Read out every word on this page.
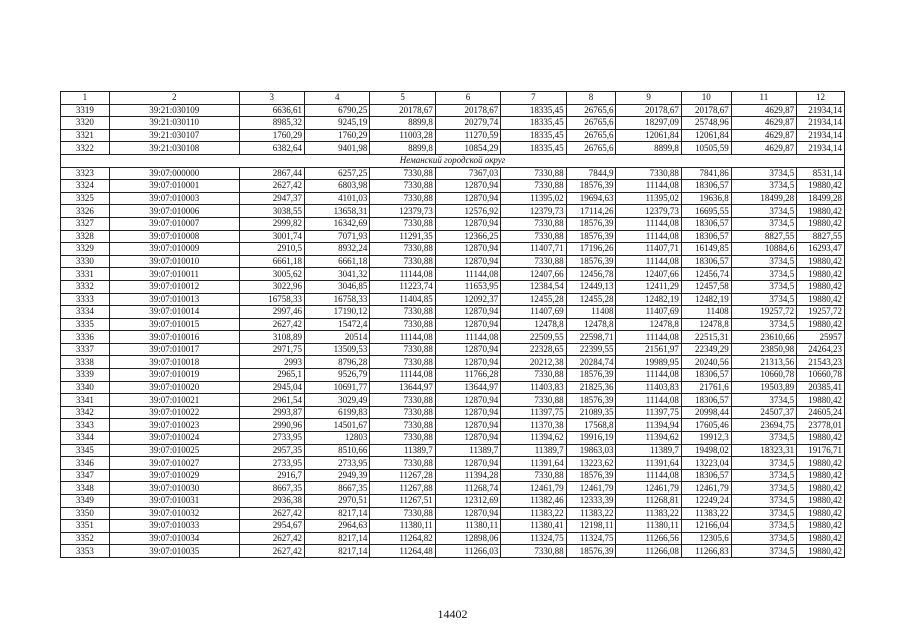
1	2	3	4	5	6	7	8	9	10	11	12
3319	39:21:030109	6636,61	6790,25	20178,67	20178,67	18335,45	26765,6	20178,67	20178,67	4629,87	21934,14
3320	39:21:030110	8985,32	9245,19	8899,8	20279,74	18335,45	26765,6	18297,09	25748,96	4629,87	21934,14
3321	39:21:030107	1760,29	1760,29	11003,28	11270,59	18335,45	26765,6	12061,84	12061,84	4629,87	21934,14
3322	39:21:030108	6382,64	9401,98	8899,8	10854,29	18335,45	26765,6	8899,8	10505,59	4629,87	21934,14
Неманский городской округ											
3323	39:07:000000	2867,44	6257,25	7330,88	7367,03	7330,88	7844,9	7330,88	7841,86	3734,5	8531,14
3324	39:07:010001	2627,42	6803,98	7330,88	12870,94	7330,88	18576,39	11144,08	18306,57	3734,5	19880,42
3325	39:07:010003	2947,37	4101,03	7330,88	12870,94	11395,02	19694,63	11395,02	19636,8	18499,28	18499,28
3326	39:07:010006	3038,55	13658,31	12379,73	12576,92	12379,73	17114,26	12379,73	16695,55	3734,5	19880,42
3327	39:07:010007	2999,82	16342,69	7330,88	12870,94	7330,88	18576,39	11144,08	18306,57	3734,5	19880,42
3328	39:07:010008	3001,74	7071,93	11291,35	12366,25	7330,88	18576,39	11144,08	18306,57	8827,55	8827,55
3329	39:07:010009	2910,5	8932,24	7330,88	12870,94	11407,71	17196,26	11407,71	16149,85	10884,6	16293,47
3330	39:07:010010	6661,18	6661,18	7330,88	12870,94	7330,88	18576,39	11144,08	18306,57	3734,5	19880,42
3331	39:07:010011	3005,62	3041,32	11144,08	11144,08	12407,66	12456,78	12407,66	12456,74	3734,5	19880,42
3332	39:07:010012	3022,96	3046,85	11223,74	11653,95	12384,54	12449,13	12411,29	12457,58	3734,5	19880,42
3333	39:07:010013	16758,33	16758,33	11404,85	12092,37	12455,28	12455,28	12482,19	12482,19	3734,5	19880,42
3334	39:07:010014	2997,46	17190,12	7330,88	12870,94	11407,69	11408	11407,69	11408	19257,72	19257,72
3335	39:07:010015	2627,42	15472,4	7330,88	12870,94	12478,8	12478,8	12478,8	12478,8	3734,5	19880,42
3336	39:07:010016	3108,89	20514	11144,08	11144,08	22509,55	22598,71	11144,08	22515,31	23610,66	25957
3337	39:07:010017	2971,75	13509,53	7330,88	12870,94	22328,65	22399,55	21561,97	22349,29	23850,98	24264,23
3338	39:07:010018	2993	8796,28	7330,88	12870,94	20212,38	20284,74	19989,95	20240,56	21313,56	21543,23
3339	39:07:010019	2965,1	9526,79	11144,08	11766,28	7330,88	18576,39	11144,08	18306,57	10660,78	10660,78
3340	39:07:010020	2945,04	10691,77	13644,97	13644,97	11403,83	21825,36	11403,83	21761,6	19503,89	20385,41
3341	39:07:010021	2961,54	3029,49	7330,88	12870,94	7330,88	18576,39	11144,08	18306,57	3734,5	19880,42
3342	39:07:010022	2993,87	6199,83	7330,88	12870,94	11397,75	21089,35	11397,75	20998,44	24507,37	24605,24
3343	39:07:010023	2990,96	14501,67	7330,88	12870,94	11370,38	17568,8	11394,94	17605,46	23694,75	23778,01
3344	39:07:010024	2733,95	12803	7330,88	12870,94	11394,62	19916,19	11394,62	19912,3	3734,5	19880,42
3345	39:07:010025	2957,35	8510,66	11389,7	11389,7	11389,7	19863,03	11389,7	19498,02	18323,31	19176,71
3346	39:07:010027	2733,95	2733,95	7330,88	12870,94	11391,64	13223,62	11391,64	13223,04	3734,5	19880,42
3347	39:07:010029	2916,7	2949,39	11267,28	11394,28	7330,88	18576,39	11144,08	18306,57	3734,5	19880,42
3348	39:07:010030	8667,35	8667,35	11267,88	11268,74	12461,79	12461,79	12461,79	12461,79	3734,5	19880,42
3349	39:07:010031	2936,38	2970,51	11267,51	12312,69	11382,46	12333,39	11268,81	12249,24	3734,5	19880,42
3350	39:07:010032	2627,42	8217,14	7330,88	12870,94	11383,22	11383,22	11383,22	11383,22	3734,5	19880,42
3351	39:07:010033	2954,67	2964,63	11380,11	11380,11	11380,41	12198,11	11380,11	12166,04	3734,5	19880,42
3352	39:07:010034	2627,42	8217,14	11264,82	12898,06	11324,75	11324,75	11266,56	12305,6	3734,5	19880,42
3353	39:07:010035	2627,42	8217,14	11264,48	11266,03	7330,88	18576,39	11266,08	11266,83	3734,5	19880,42
14402
